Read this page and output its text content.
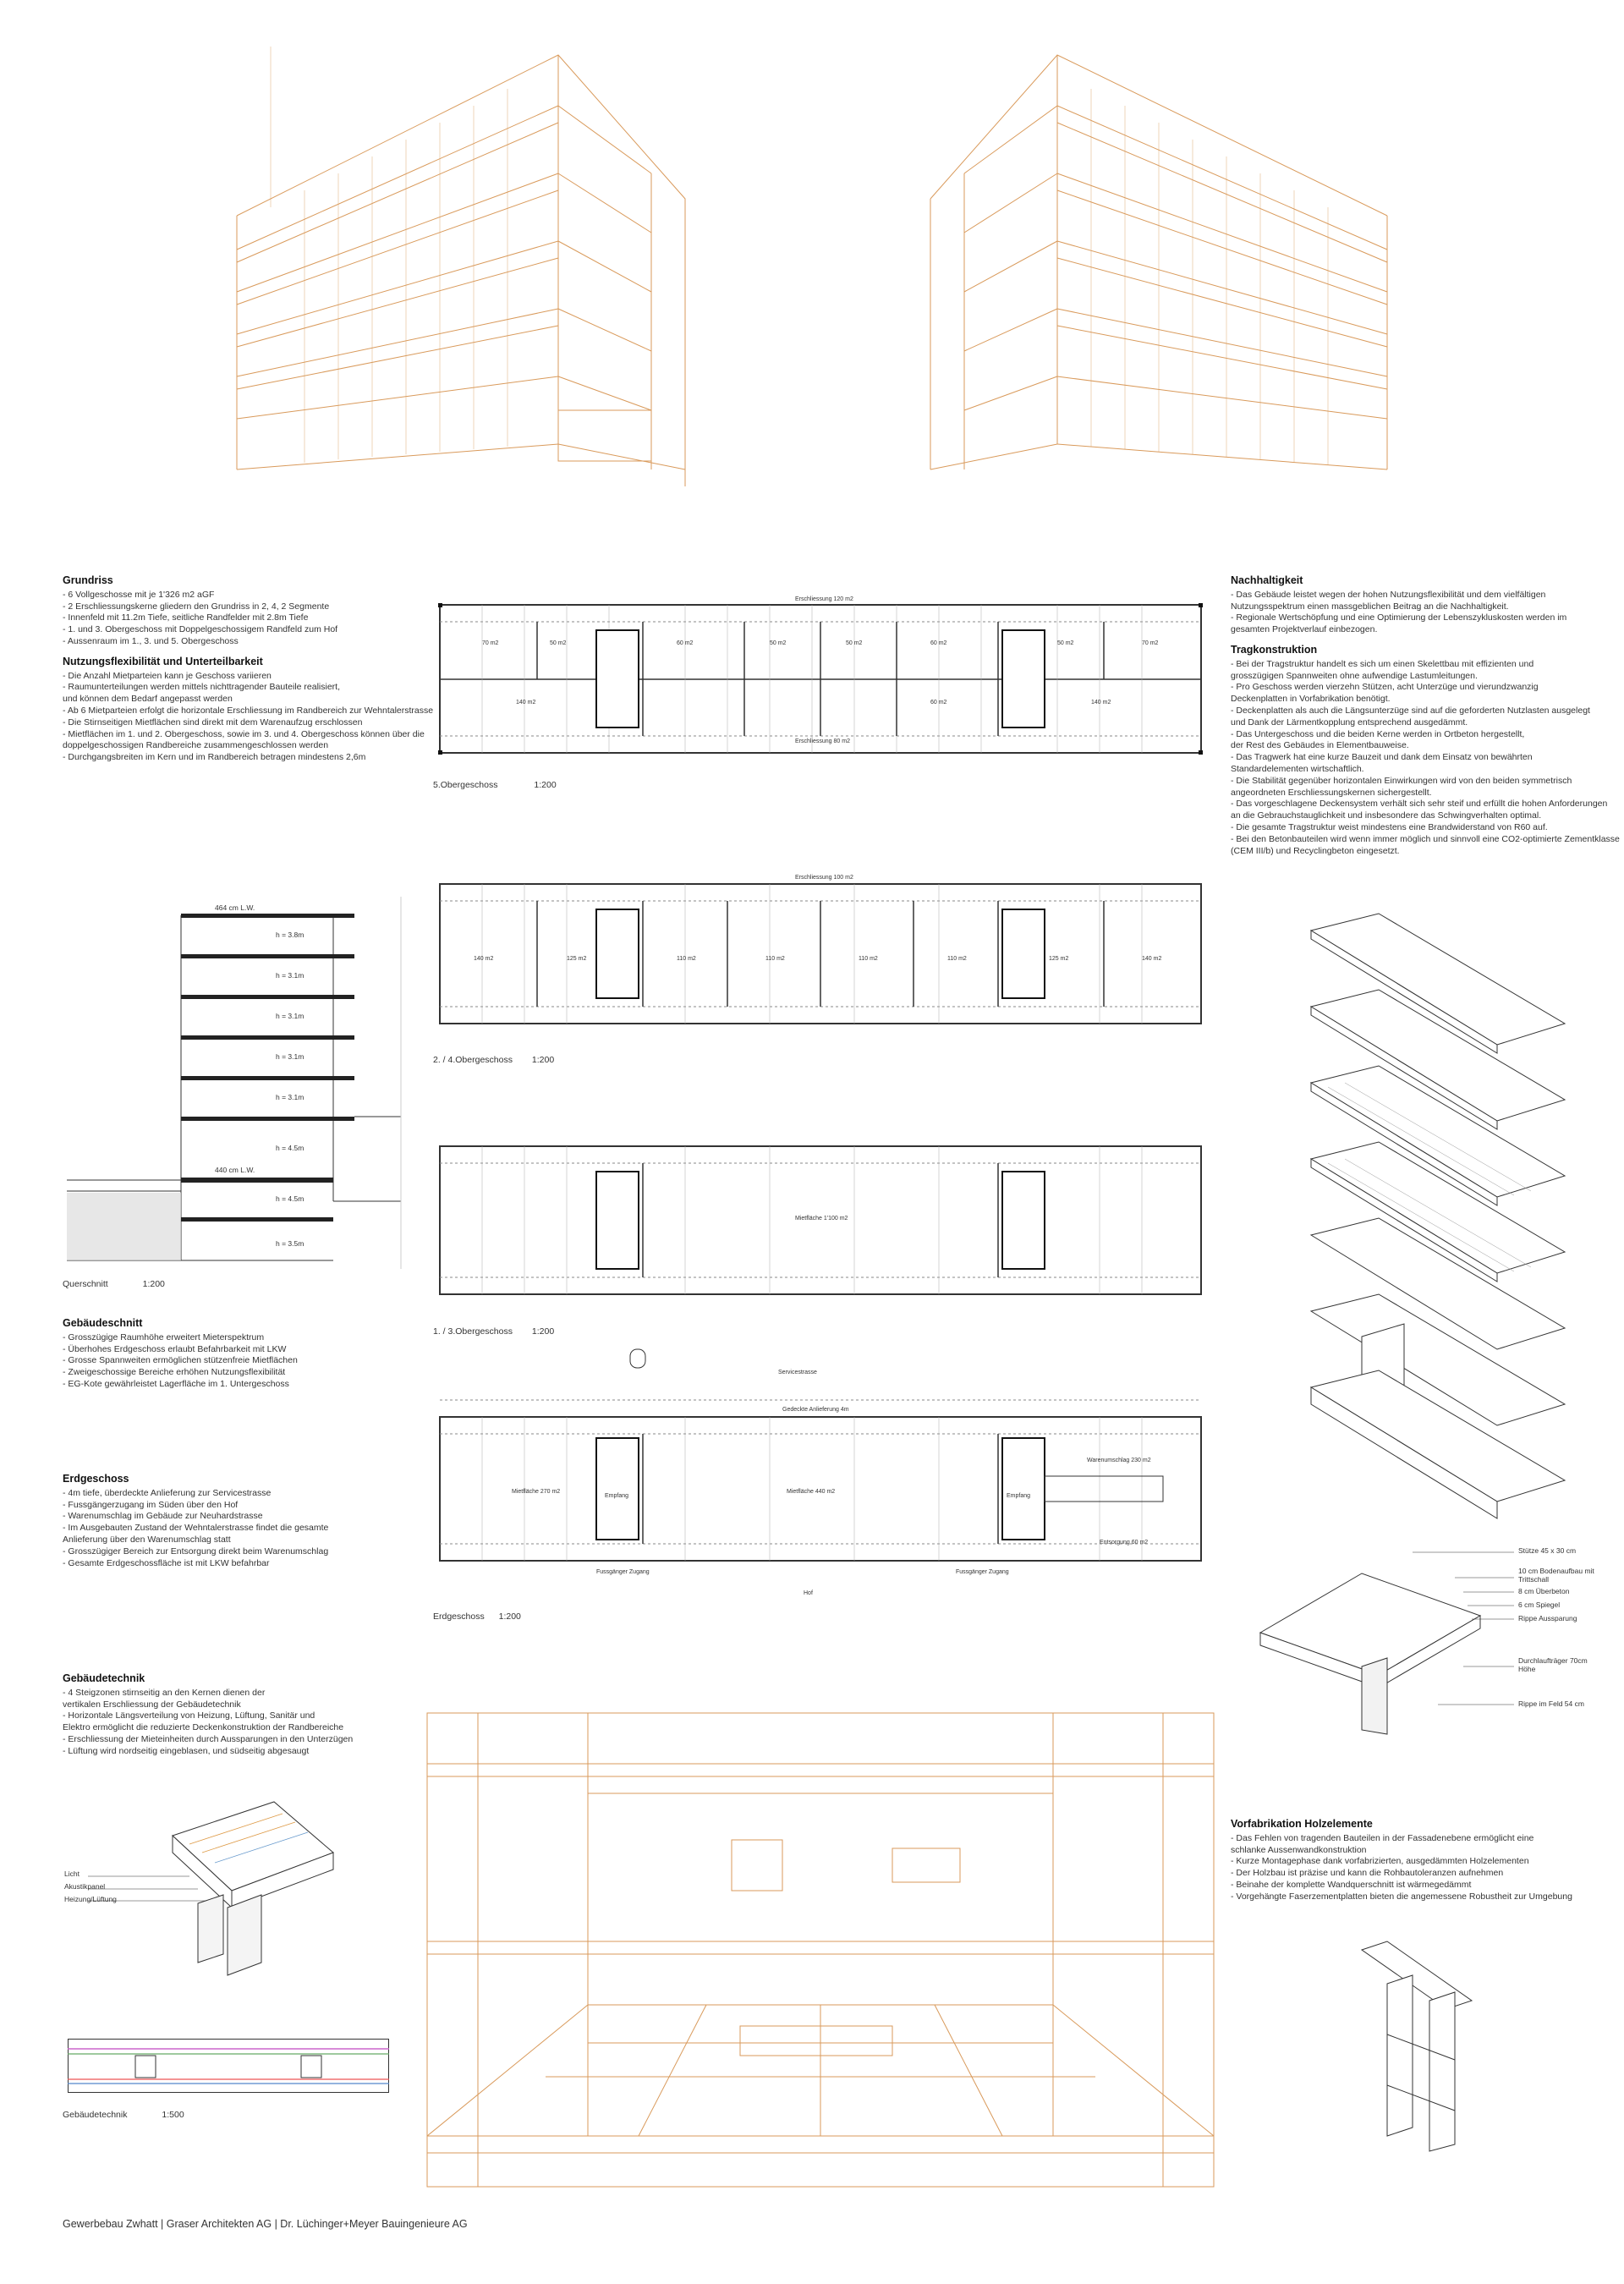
Grundriss
- 6 Vollgeschosse mit je 1'326 m2 aGF
- 2 Erschliessungskerne gliedern den Grundriss in 2, 4, 2 Segmente
- Innenfeld mit 11.2m Tiefe, seitliche Randfelder mit 2.8m Tiefe
- 1. und 3. Obergeschoss mit Doppelgeschossigem Randfeld zum Hof
- Aussenraum im 1., 3. und 5. Obergeschoss
Nutzungsflexibilität und Unterteilbarkeit
- Die Anzahl Mietparteien kann je Geschoss variieren
- Raumunterteilungen werden mittels nichttragender Bauteile realisiert,
und können dem Bedarf angepasst werden
- Ab 6 Mietparteien erfolgt die horizontale Erschliessung im Randbereich zur Wehntalerstrasse
- Die Stirnseitigen Mietflächen sind direkt mit dem Warenaufzug erschlossen
- Mietflächen im 1. und 2. Obergeschoss, sowie im 3. und 4. Obergeschoss können über die
doppelgeschossigen Randbereiche zusammengeschlossen werden
- Durchgangsbreiten im Kern und im Randbereich betragen mindestens 2,6m
464 cm L.W.
440 cm L.W.
h = 3.8m
h = 3.1m
h = 3.1m
h = 3.1m
h = 3.1m
h = 4.5m
h = 4.5m
h = 3.5m
Querschnitt	1:200
Gebäudeschnitt
- Grosszügige Raumhöhe erweitert Mieterspektrum
- Überhohes Erdgeschoss erlaubt Befahrbarkeit mit LKW
- Grosse Spannweiten ermöglichen stützenfreie Mietflächen
- Zweigeschossige Bereiche erhöhen Nutzungsflexibilität
- EG-Kote gewährleistet Lagerfläche im 1. Untergeschoss
Erdgeschoss
- 4m tiefe, überdeckte Anlieferung zur Servicestrasse
- Fussgängerzugang im Süden über den Hof
- Warenumschlag im Gebäude zur Neuhardstrasse
- Im Ausgebauten Zustand der Wehntalerstrasse findet die gesamte
Anlieferung über den Warenumschlag statt
- Grosszügiger Bereich zur Entsorgung direkt beim Warenumschlag
- Gesamte Erdgeschossfläche ist mit LKW befahrbar
Gebäudetechnik
- 4 Steigzonen stirnseitig an den Kernen dienen der
vertikalen Erschliessung der Gebäudetechnik
- Horizontale Längsverteilung von Heizung, Lüftung, Sanitär und
Elektro ermöglicht die reduzierte Deckenkonstruktion der Randbereiche
- Erschliessung der Mieteinheiten durch Aussparungen in den Unterzügen
- Lüftung wird nordseitig eingeblasen, und südseitig abgesaugt
Licht
Akustikpanel
Heizung/Lüftung
Gebäudetechnik	1:500
Erschliessung 120 m2
Erschliessung 80 m2
70 m2	50 m2
140 m2
60 m2	50 m2	50 m2	60 m2
60 m2
50 m2	70 m2
140 m2
5.Obergeschoss	1:200
Erschliessung 100 m2
140 m2	125 m2	110 m2	110 m2	110 m2	110 m2	125 m2	140 m2
2. / 4.Obergeschoss 1:200
Mietfläche 1'100 m2
1. / 3.Obergeschoss 1:200
Servicestrasse
Gedeckte Anlieferung 4m
Mietfläche 270 m2	Mietfläche 440 m2
Warenumschlag 230 m2
Entsorgung 60 m2
Empfang	Empfang
Fussgänger Zugang	Fussgänger Zugang
Hof
Erdgeschoss 1:200
Nachhaltigkeit
- Das Gebäude leistet wegen der hohen Nutzungsflexibilität und dem vielfältigen
Nutzungsspektrum einen massgeblichen Beitrag an die Nachhaltigkeit.
- Regionale Wertschöpfung und eine Optimierung der Lebenszykluskosten werden im
gesamten Projektverlauf einbezogen.
Tragkonstruktion
- Bei der Tragstruktur handelt es sich um einen Skelettbau mit effizienten und
grosszügigen Spannweiten ohne aufwendige Lastumleitungen.
- Pro Geschoss werden vierzehn Stützen, acht Unterzüge und vierundzwanzig
Deckenplatten in Vorfabrikation benötigt.
- Deckenplatten als auch die Längsunterzüge sind auf die geforderten Nutzlasten ausgelegt
und Dank der Lärmentkopplung entsprechend ausgedämmt.
- Das Untergeschoss und die beiden Kerne werden in Ortbeton hergestellt,
der Rest des Gebäudes in Elementbauweise.
- Das Tragwerk hat eine kurze Bauzeit und dank dem Einsatz von bewährten
Standardelementen wirtschaftlich.
- Die Stabilität gegenüber horizontalen Einwirkungen wird von den beiden symmetrisch
angeordneten Erschliessungskernen sichergestellt.
- Das vorgeschlagene Deckensystem verhält sich sehr steif und erfüllt die hohen Anforderungen
an die Gebrauchstauglichkeit und insbesondere das Schwingverhalten optimal.
- Die gesamte Tragstruktur weist mindestens eine Brandwiderstand von R60 auf.
- Bei den Betonbauteilen wird wenn immer möglich und sinnvoll eine CO2-optimierte Zementklasse
(CEM III/b) und Recyclingbeton eingesetzt.
Stütze 45 x 30 cm
10 cm Bodenaufbau mit Trittschall
8 cm Überbeton
6 cm Spiegel
Rippe Aussparung
Durchlaufträger 70cm Höhe
Rippe im Feld 54 cm
Vorfabrikation Holzelemente
- Das Fehlen von tragenden Bauteilen in der Fassadenebene ermöglicht eine
schlanke Aussenwandkonstruktion
- Kurze Montagephase dank vorfabrizierten, ausgedämmten Holzelementen
- Der Holzbau ist präzise und kann die Rohbautoleranzen aufnehmen
- Beinahe der komplette Wandquerschnitt ist wärmegedämmt
- Vorgehängte Faserzementplatten bieten die angemessene Robustheit zur Umgebung
Gewerbebau Zwhatt | Graser Architekten AG | Dr. Lüchinger+Meyer Bauingenieure AG
